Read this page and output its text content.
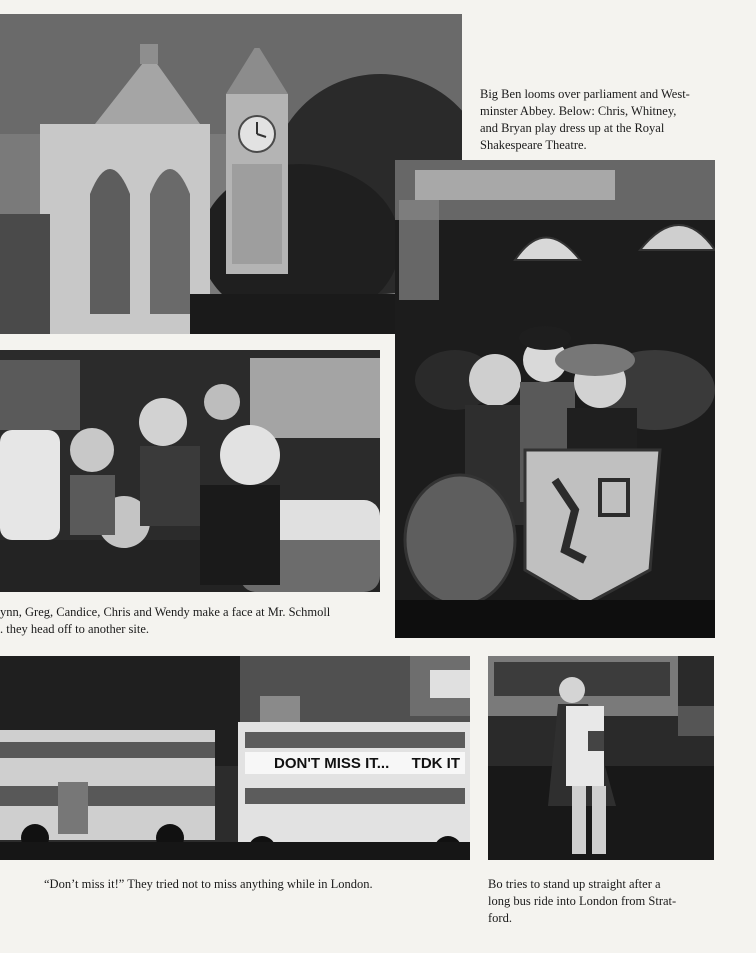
Big Ben looms over parliament and West-
minster Abbey. Below: Chris, Whitney,
and Bryan play dress up at the Royal
Shakespeare Theatre.
ynn, Greg, Candice, Chris and Wendy make a face at Mr. Schmoll
. they head off to another site.
DON'T MISS IT... TDK IT
“Don’t miss it!” They tried not to miss anything while in London.	Bo tries to stand up straight after a
long bus ride into London from Strat-
ford.
